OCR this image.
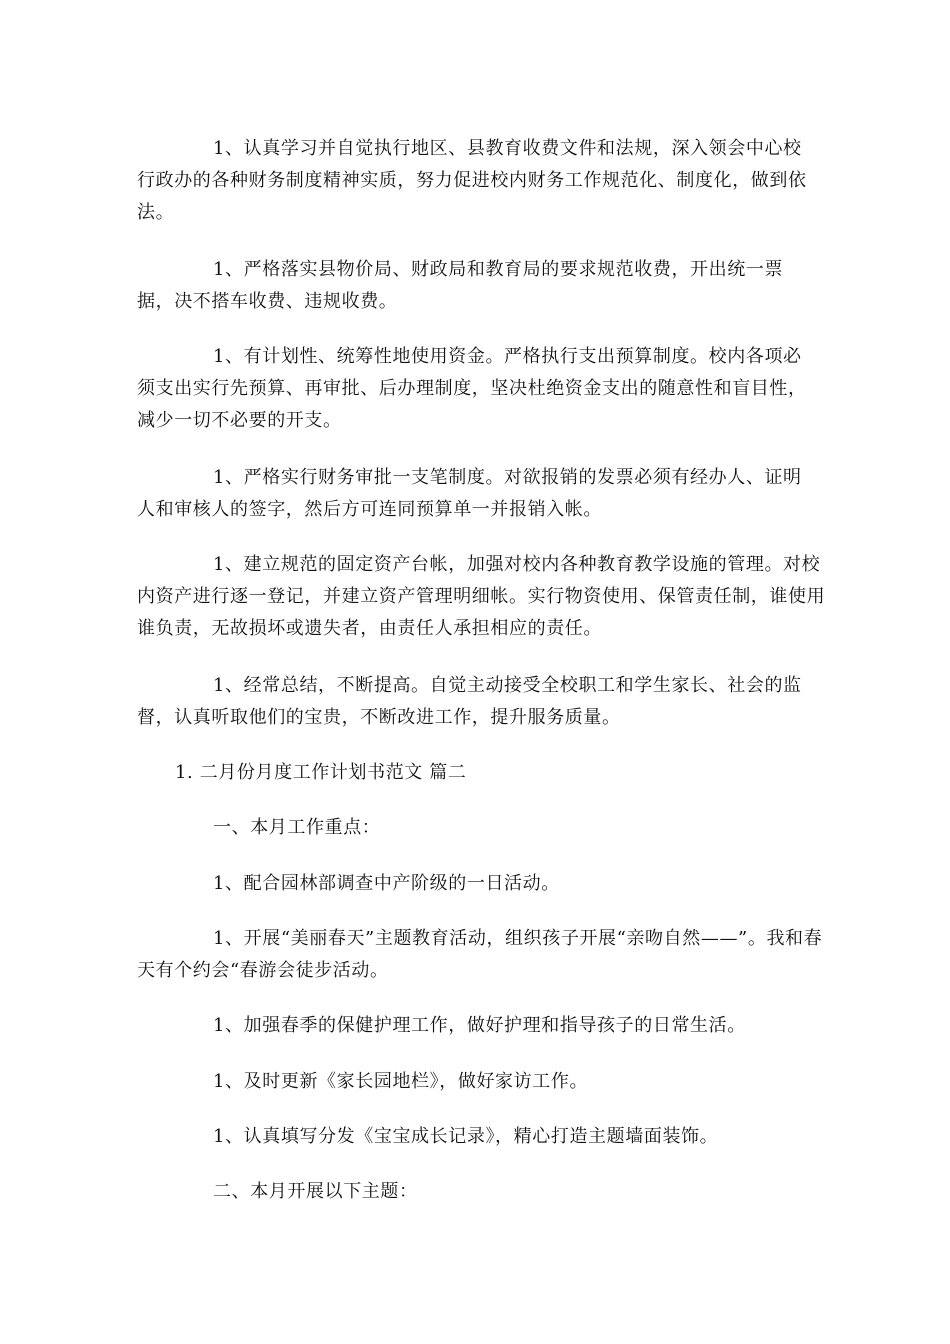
1、认真学习并自觉执行地区、县教育收费文件和法规，深入领会中心校行政办的各种财务制度精神实质，努力促进校内财务工作规范化、制度化，做到依法。

1、严格落实县物价局、财政局和教育局的要求规范收费，开出统一票据，决不搭车收费、违规收费。

1、有计划性、统筹性地使用资金。严格执行支出预算制度。校内各项必须支出实行先预算、再审批、后办理制度，坚决杜绝资金支出的随意性和盲目性，减少一切不必要的开支。

1、严格实行财务审批一支笔制度。对欲报销的发票必须有经办人、证明人和审核人的签字，然后方可连同预算单一并报销入帐。

1、建立规范的固定资产台帐，加强对校内各种教育教学设施的管理。对校内资产进行逐一登记，并建立资产管理明细帐。实行物资使用、保管责任制，谁使用谁负责，无故损坏或遗失者，由责任人承担相应的责任。

1、经常总结，不断提高。自觉主动接受全校职工和学生家长、社会的监督，认真听取他们的宝贵，不断改进工作，提升服务质量。

1. 二月份月度工作计划书范文 篇二

一、本月工作重点：

1、配合园林部调查中产阶级的一日活动。

1、开展“美丽春天”主题教育活动，组织孩子开展“亲吻自然——”。我和春天有个约会“春游会徒步活动。

1、加强春季的保健护理工作，做好护理和指导孩子的日常生活。

1、及时更新《家长园地栏》，做好家访工作。

1、认真填写分发《宝宝成长记录》，精心打造主题墙面装饰。

二、本月开展以下主题：
